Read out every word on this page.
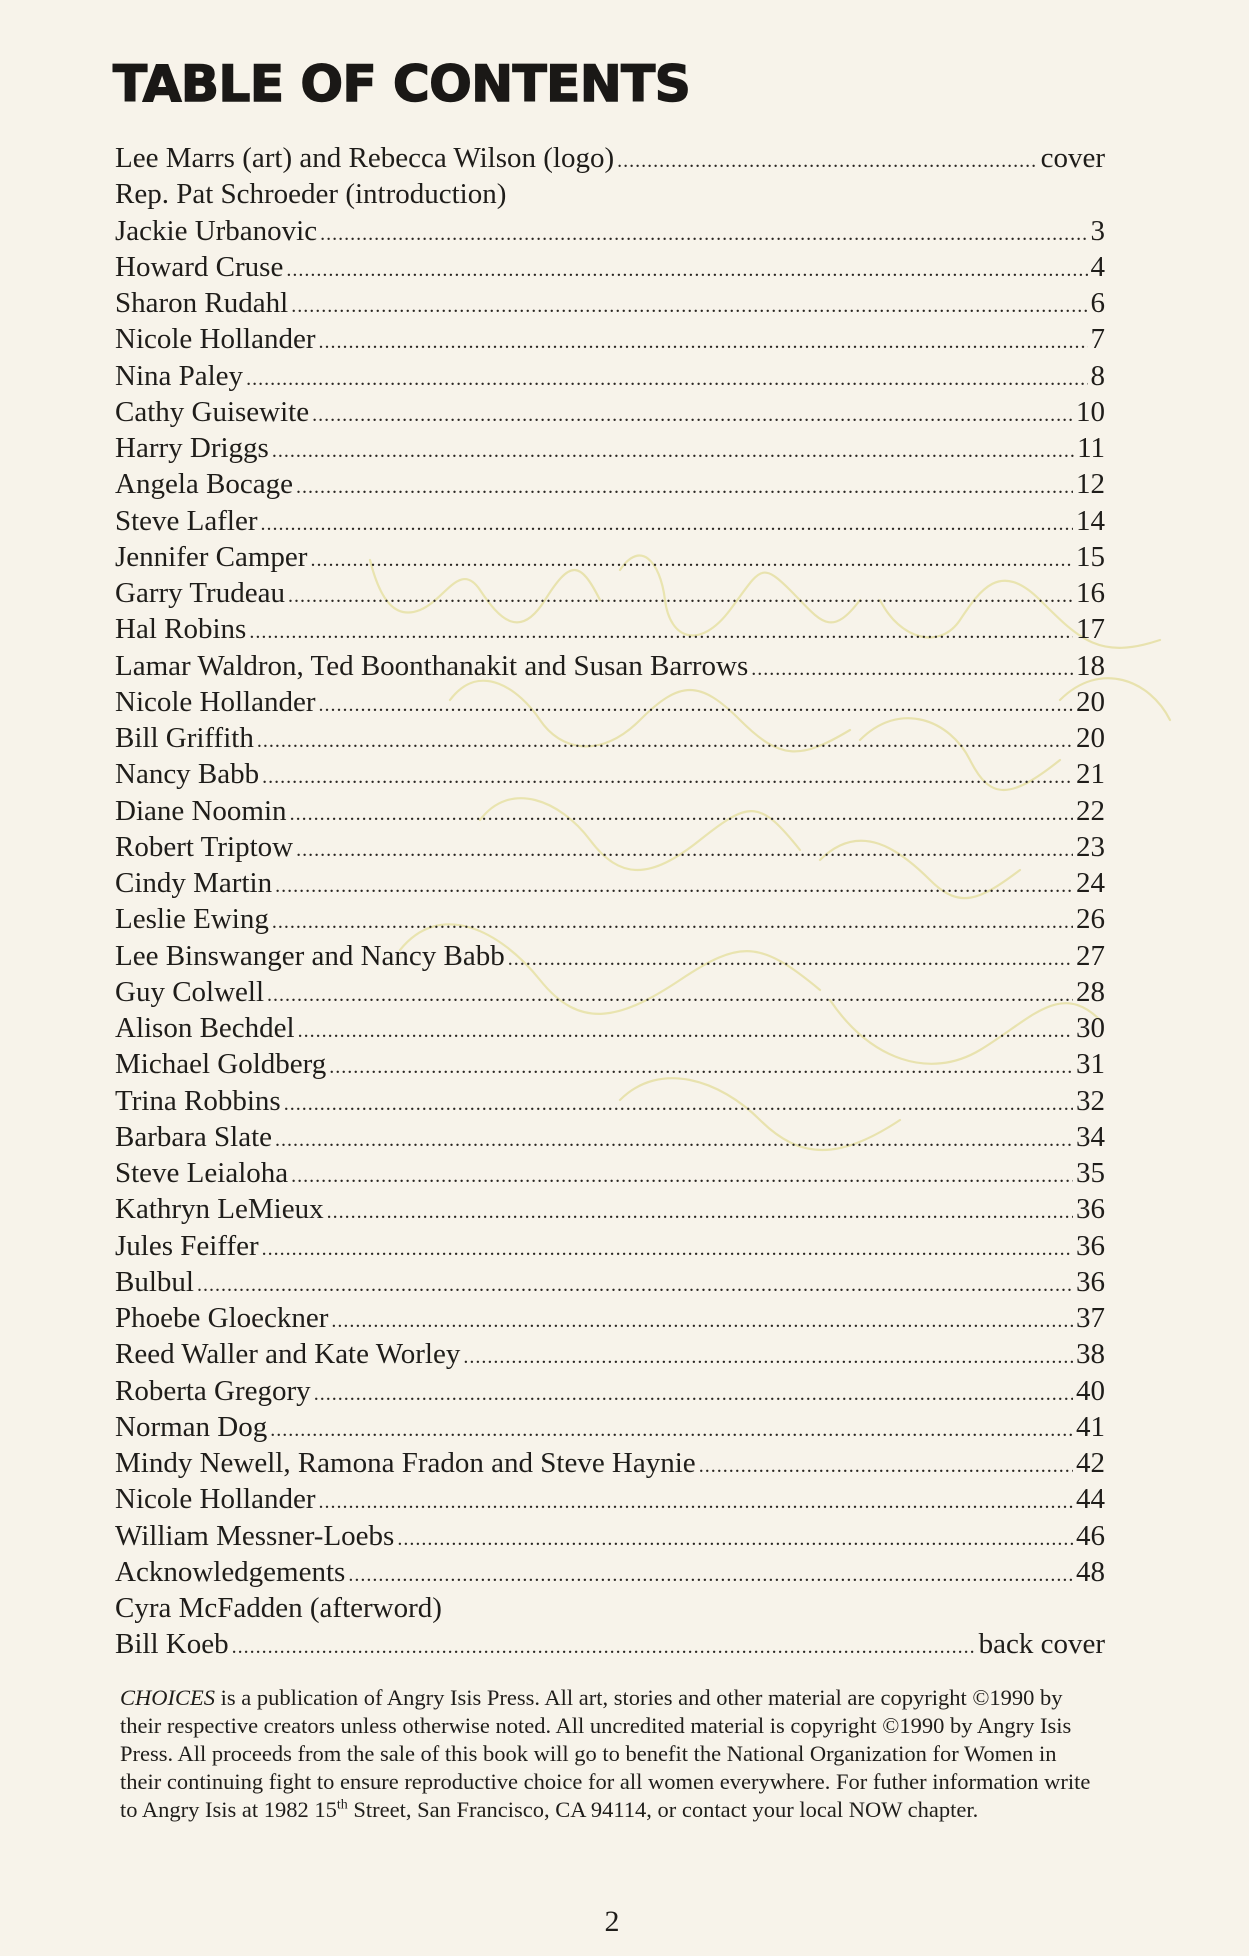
TABLE OF CONTENTS
Lee Marrs (art) and Rebecca Wilson (logo) .....	cover
Rep. Pat Schroeder (introduction)
Jackie Urbanovic .....	3
Howard Cruse .....	4
Sharon Rudahl .....	6
Nicole Hollander .....	7
Nina Paley .....	8
Cathy Guisewite .....	10
Harry Driggs .....	11
Angela Bocage .....	12
Steve Lafler .....	14
Jennifer Camper .....	15
Garry Trudeau .....	16
Hal Robins .....	17
Lamar Waldron, Ted Boonthanakit and Susan Barrows .....	18
Nicole Hollander .....	20
Bill Griffith .....	20
Nancy Babb .....	21
Diane Noomin .....	22
Robert Triptow .....	23
Cindy Martin .....	24
Leslie Ewing .....	26
Lee Binswanger and Nancy Babb .....	27
Guy Colwell .....	28
Alison Bechdel .....	30
Michael Goldberg .....	31
Trina Robbins .....	32
Barbara Slate .....	34
Steve Leialoha .....	35
Kathryn LeMieux .....	36
Jules Feiffer .....	36
Bulbul .....	36
Phoebe Gloeckner .....	37
Reed Waller and Kate Worley .....	38
Roberta Gregory .....	40
Norman Dog .....	41
Mindy Newell, Ramona Fradon and Steve Haynie .....	42
Nicole Hollander .....	44
William Messner-Loebs .....	46
Acknowledgements .....	48
Cyra McFadden (afterword)
Bill Koeb .....	back cover

CHOICES is a publication of Angry Isis Press. All art, stories and other material are copyright ©1990 by their respective creators unless otherwise noted. All uncredited material is copyright ©1990 by Angry Isis Press. All proceeds from the sale of this book will go to benefit the National Organization for Women in their continuing fight to ensure reproductive choice for all women everywhere. For futher information write to Angry Isis at 1982 15th Street, San Francisco, CA 94114, or contact your local NOW chapter.

2
